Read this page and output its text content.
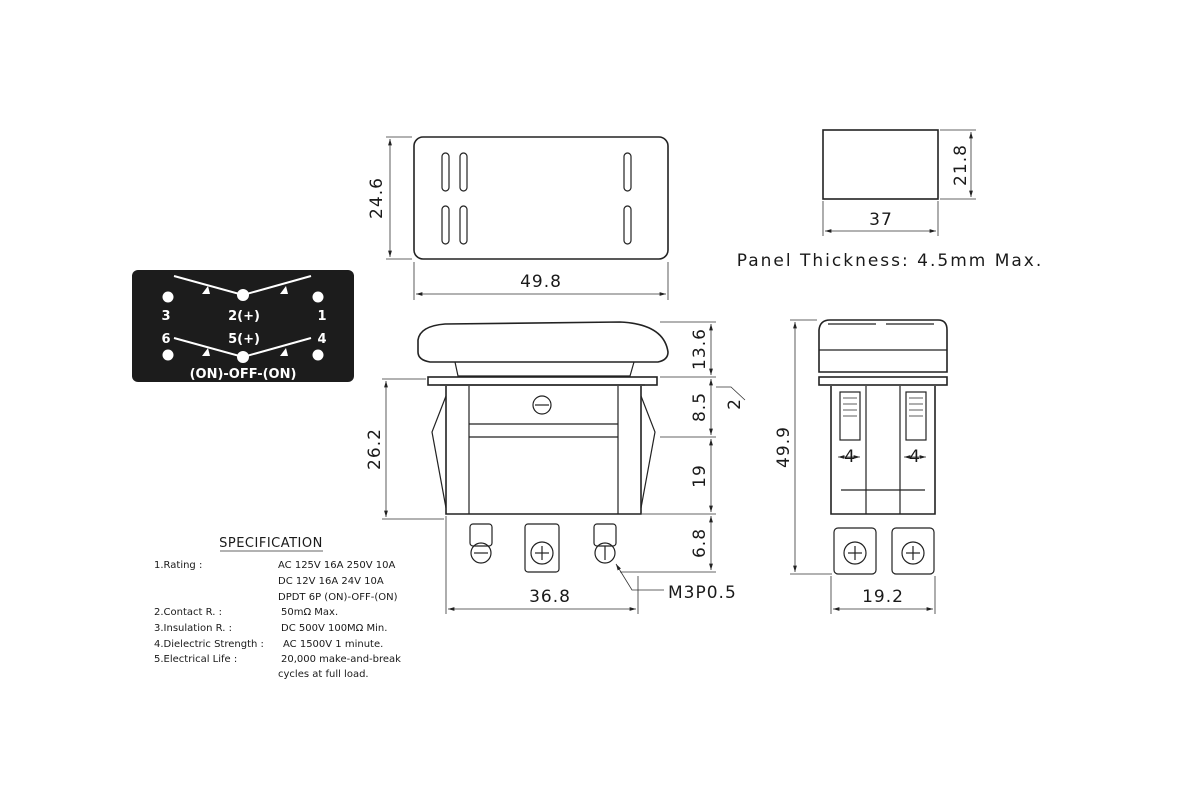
24.6
49.8
21.8
37
Panel Thickness: 4.5mm Max.
3	2(+)	1
6	5(+)	4
(ON)-OFF-(ON)
13.6
8.5
19
6.8
2
26.2
36.8	M3P0.5
4	4
49.9
19.2
SPECIFICATION
1.Rating :	AC 125V 16A 250V 10A
DC 12V 16A 24V 10A
DPDT 6P (ON)-OFF-(ON)
2.Contact R. :	50mΩ Max.
3.Insulation R. :	DC 500V 100MΩ Min.
4.Dielectric Strength : AC 1500V 1 minute.
5.Electrical Life :	20,000 make-and-break
cycles at full load.
